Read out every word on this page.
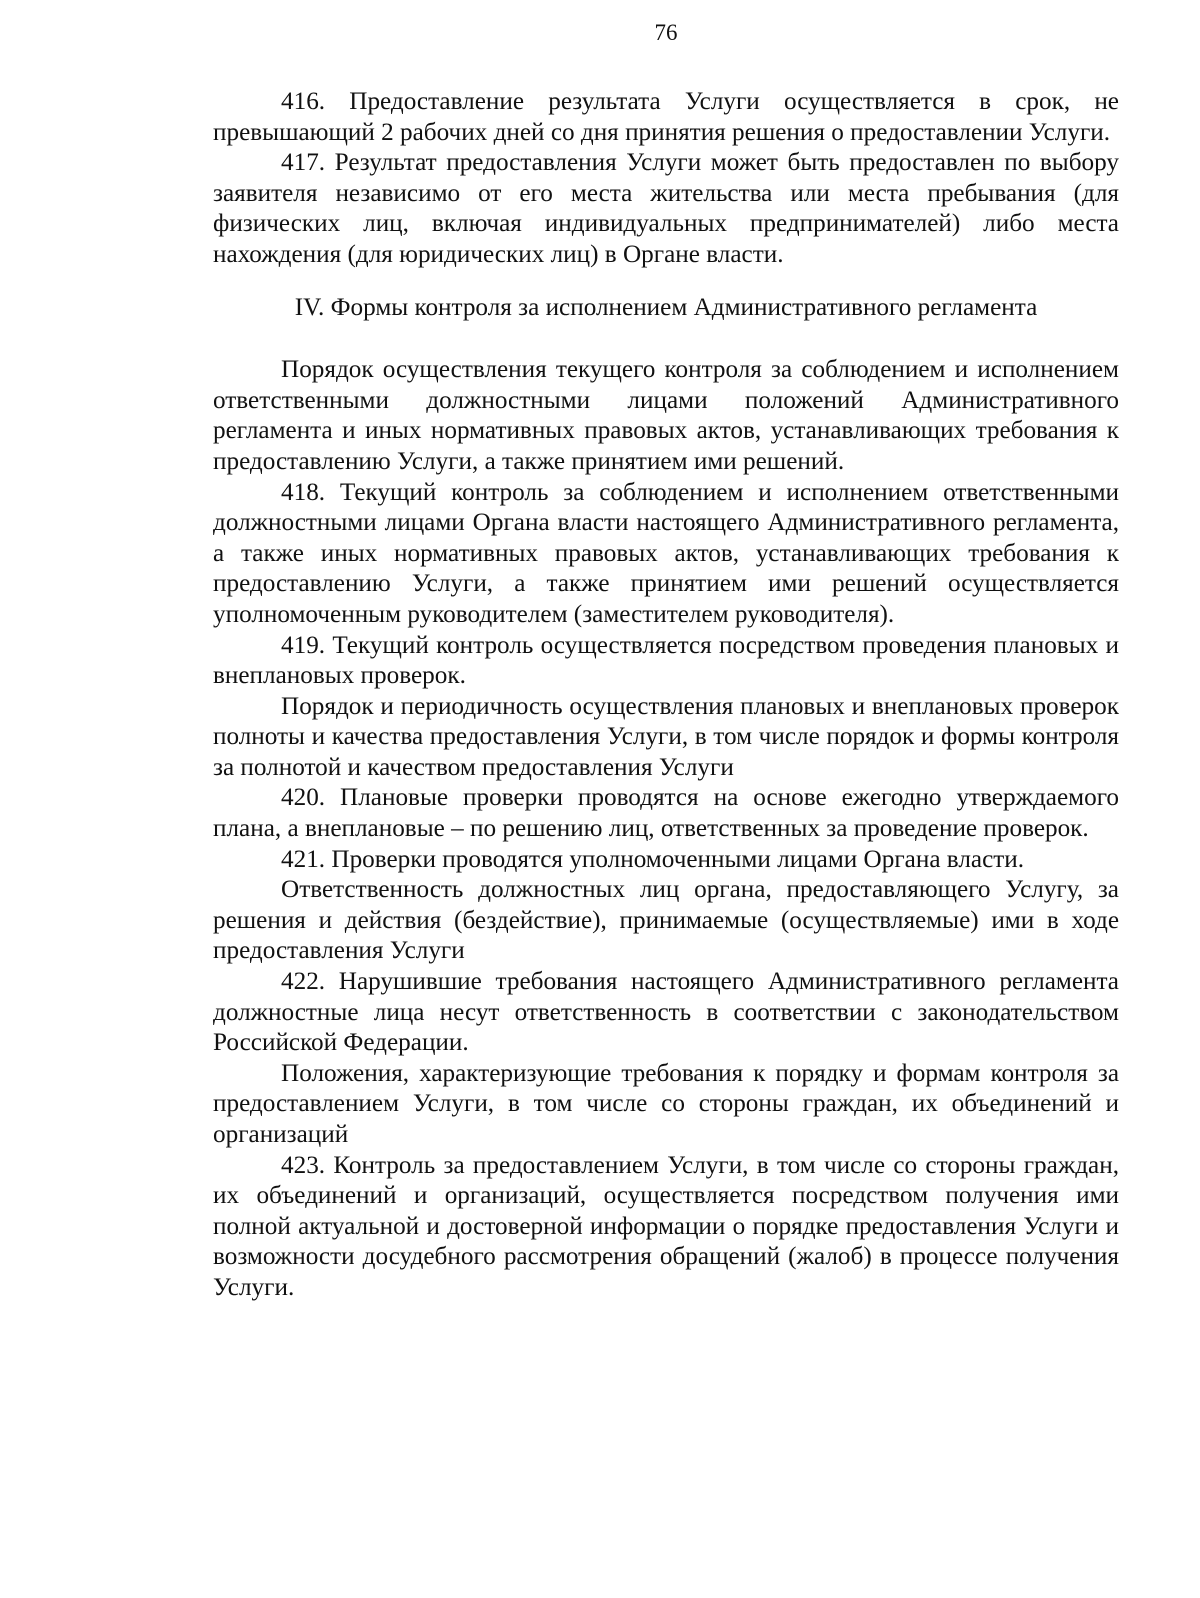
76

416. Предоставление результата Услуги осуществляется в срок, не превышающий 2 рабочих дней со дня принятия решения о предоставлении Услуги.

417. Результат предоставления Услуги может быть предоставлен по выбору заявителя независимо от его места жительства или места пребывания (для физических лиц, включая индивидуальных предпринимателей) либо места нахождения (для юридических лиц) в Органе власти.

IV. Формы контроля за исполнением Административного регламента

Порядок осуществления текущего контроля за соблюдением и исполнением ответственными должностными лицами положений Административного регламента и иных нормативных правовых актов, устанавливающих требования к предоставлению Услуги, а также принятием ими решений.

418. Текущий контроль за соблюдением и исполнением ответственными должностными лицами Органа власти настоящего Административного регламента, а также иных нормативных правовых актов, устанавливающих требования к предоставлению Услуги, а также принятием ими решений осуществляется уполномоченным руководителем (заместителем руководителя).

419. Текущий контроль осуществляется посредством проведения плановых и внеплановых проверок.

Порядок и периодичность осуществления плановых и внеплановых проверок полноты и качества предоставления Услуги, в том числе порядок и формы контроля за полнотой и качеством предоставления Услуги

420. Плановые проверки проводятся на основе ежегодно утверждаемого плана, а внеплановые – по решению лиц, ответственных за проведение проверок.

421. Проверки проводятся уполномоченными лицами Органа власти.

Ответственность должностных лиц органа, предоставляющего Услугу, за решения и действия (бездействие), принимаемые (осуществляемые) ими в ходе предоставления Услуги

422. Нарушившие требования настоящего Административного регламента должностные лица несут ответственность в соответствии с законодательством Российской Федерации.

Положения, характеризующие требования к порядку и формам контроля за предоставлением Услуги, в том числе со стороны граждан, их объединений и организаций

423. Контроль за предоставлением Услуги, в том числе со стороны граждан, их объединений и организаций, осуществляется посредством получения ими полной актуальной и достоверной информации о порядке предоставления Услуги и возможности досудебного рассмотрения обращений (жалоб) в процессе получения Услуги.
